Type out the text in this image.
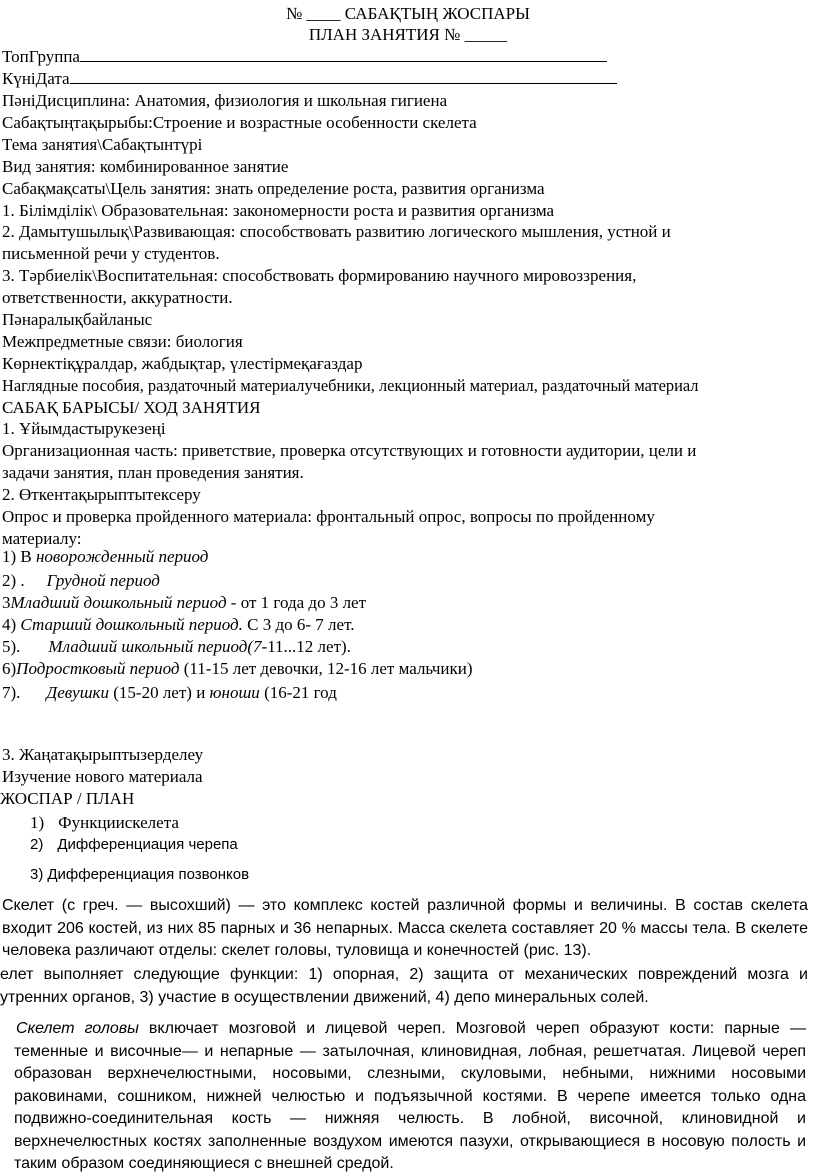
№ ____ САБАҚТЫҢ ЖОСПАРЫ
ПЛАН ЗАНЯТИЯ № _____
ТопГруппа
КүніДата
ПәніДисциплина: Анатомия, физиология и школьная гигиена
Сабақтыңтақырыбы:Строение и возрастные особенности скелета
Тема занятия\Сабақтынтүрі
Вид занятия: комбинированное занятие
Сабақмақсаты\Цель занятия: знать определение роста, развития организма
1. Білімділік\ Образовательная: закономерности роста и развития организма
2. Дамытушылық\Развивающая: способствовать развитию логического мышления, устной и
письменной речи у студентов.
3. Тәрбиелік\Воспитательная: способствовать формированию научного мировоззрения,
ответственности, аккуратности.
Пәнаралықбайланыс
Межпредметные связи: биология
Көрнектіқұралдар, жабдықтар, үлестірмеқағаздар
Наглядные пособия, раздаточный материалучебники, лекционный материал, раздаточный материал
САБАҚ БАРЫСЫ/ ХОД ЗАНЯТИЯ
1. Ұйымдастырукезеңі
Организационная часть: приветствие, проверка отсутствующих и готовности аудитории, цели и
задачи занятия, план проведения занятия.
2. Өткентақырыптытексеру
Опрос и проверка пройденного материала: фронтальный опрос, вопросы по пройденному
материалу:
1) В новорожденный период
2) . Грудной период
3Младший дошкольный период - от 1 года до 3 лет
4) Старший дошкольный период. С 3 до 6- 7 лет.
5). Младший школьный период(7-11...12 лет).
6)Подростковый период (11-15 лет девочки, 12-16 лет мальчики)
7). Девушки (15-20 лет) и юноши (16-21 год
3. Жаңатақырыптызерделеу
Изучение нового материала
ЖОСПАР / ПЛАН
1) Функциискелета
2) Дифференциация черепа
3) Дифференциация позвонков
Скелет (с греч. — высохший) — это комплекс костей различной формы и величины. В состав скелета входит 206 костей, из них 85 парных и 36 непарных. Масса скелета составляет 20 % массы тела. В скелете человека различают отделы: скелет головы, туловища и конечностей (рис. 13).
елет выполняет следующие функции: 1) опорная, 2) защита от механических повреждений мозга и утренних органов, 3) участие в осуществлении движений, 4) депо минеральных солей.
Скелет головы включает мозговой и лицевой череп. Мозговой череп образуют кости: парные — теменные и височные— и непарные — затылочная, клиновидная, лобная, решетчатая. Лицевой череп образован верхнечелюстными, носовыми, слезными, скуловыми, небными, нижними носовыми раковинами, сошником, нижней челюстью и подъязычной костями. В черепе имеется только одна подвижно-соединительная кость — нижняя челюсть. В лобной, височной, клиновидной и верхнечелюстных костях заполненные воздухом имеются пазухи, открывающиеся в носовую полость и таким образом соединяющиеся с внешней средой.
